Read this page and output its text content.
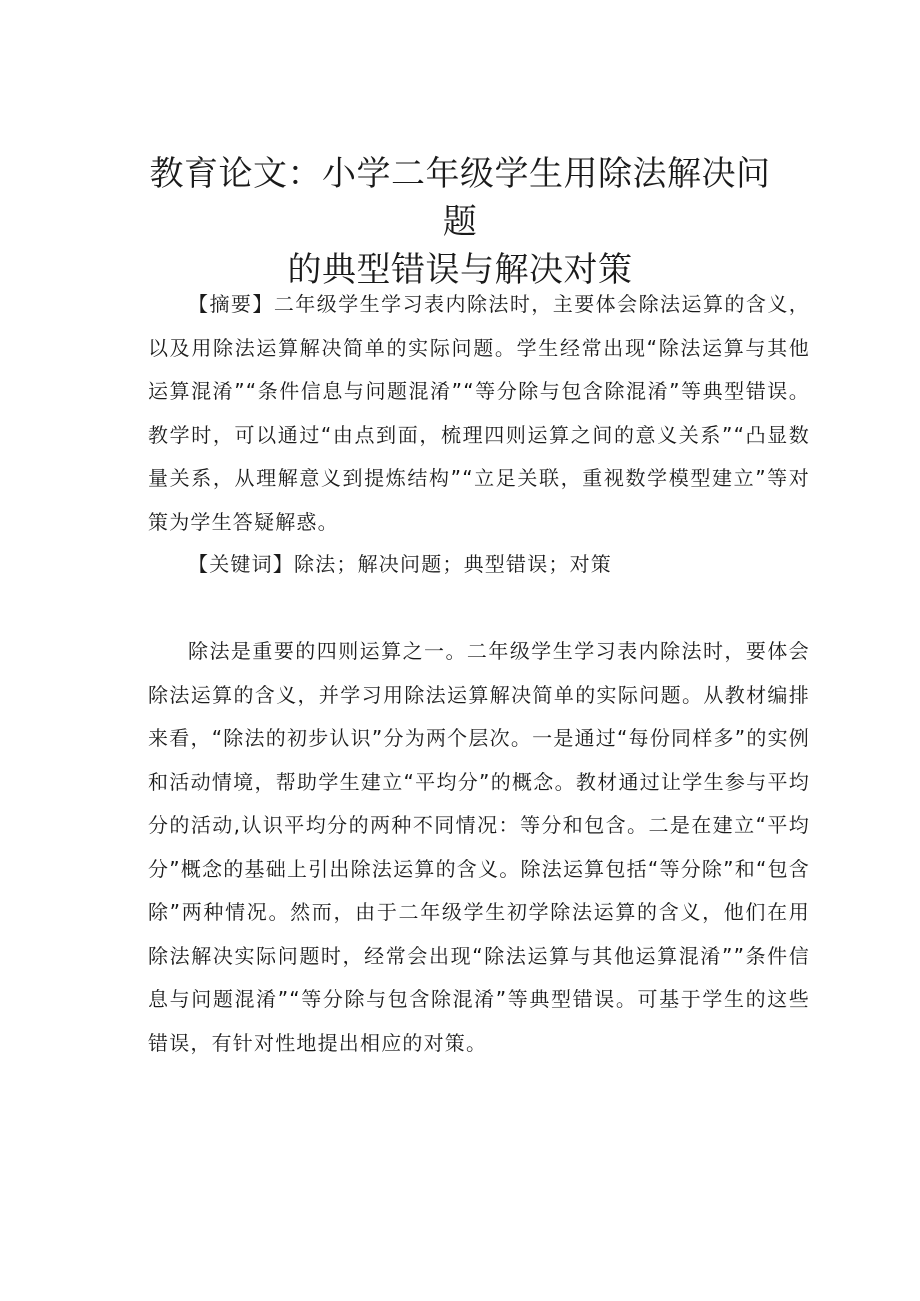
教育论文：小学二年级学生用除法解决问题
的典型错误与解决对策

【摘要】二年级学生学习表内除法时，主要体会除法运算的含义，以及用除法运算解决简单的实际问题。学生经常出现“除法运算与其他运算混淆”“条件信息与问题混淆”“等分除与包含除混淆”等典型错误。教学时，可以通过“由点到面，梳理四则运算之间的意义关系”“凸显数量关系，从理解意义到提炼结构”“立足关联，重视数学模型建立”等对策为学生答疑解惑。

【关键词】除法；解决问题；典型错误；对策

除法是重要的四则运算之一。二年级学生学习表内除法时，要体会除法运算的含义，并学习用除法运算解决简单的实际问题。从教材编排来看，“除法的初步认识”分为两个层次。一是通过“每份同样多”的实例和活动情境，帮助学生建立“平均分”的概念。教材通过让学生参与平均分的活动,认识平均分的两种不同情况：等分和包含。二是在建立“平均分”概念的基础上引出除法运算的含义。除法运算包括“等分除”和“包含除”两种情况。然而，由于二年级学生初学除法运算的含义，他们在用除法解决实际问题时，经常会出现“除法运算与其他运算混淆””条件信息与问题混淆”“等分除与包含除混淆”等典型错误。可基于学生的这些错误，有针对性地提出相应的对策。
